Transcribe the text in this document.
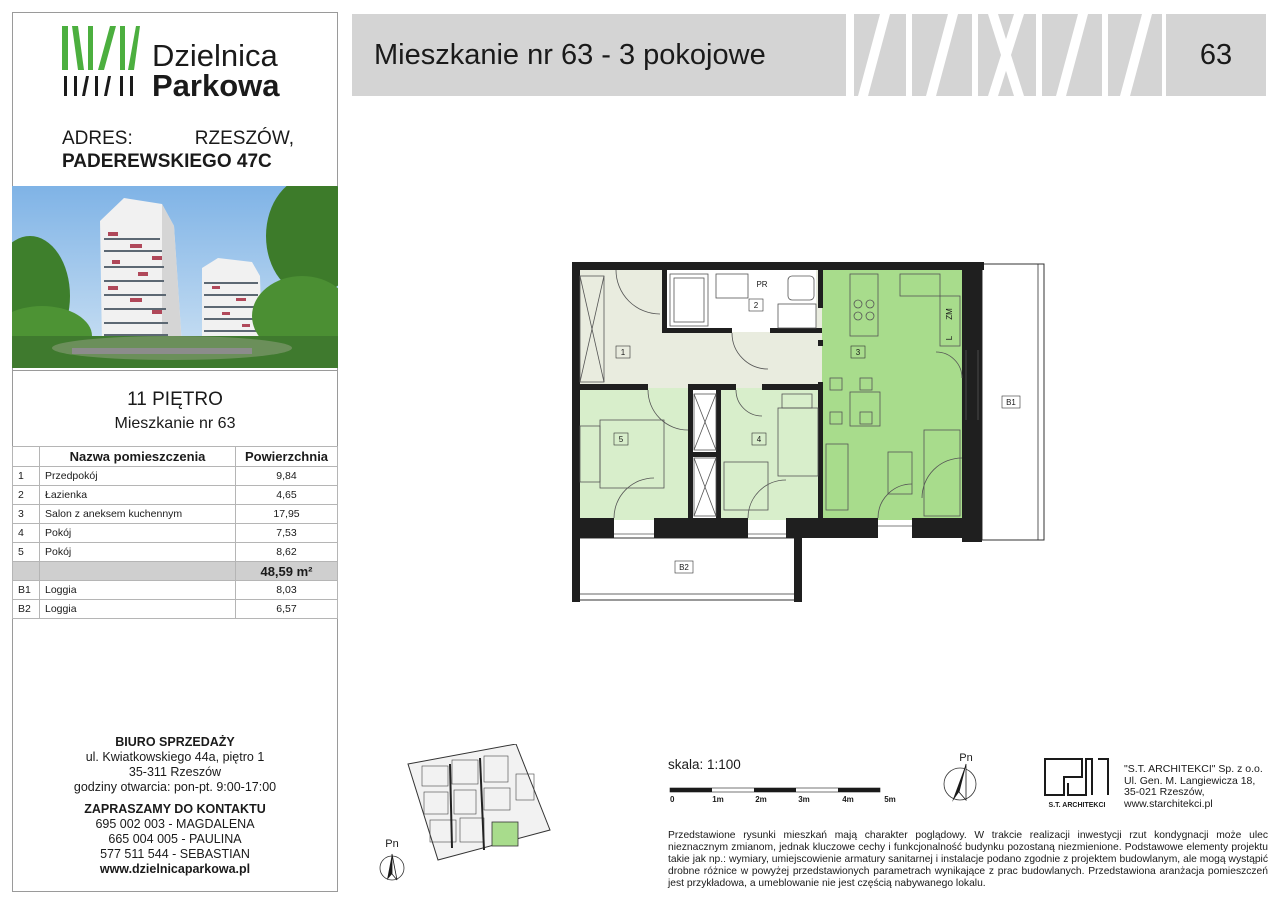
Dzielnica
Parkowa
ADRES:	RZESZÓW,
PADEREWSKIEGO 47C
11 PIĘTRO
Mieszkanie nr 63
	Nazwa pomieszczenia	Powierzchnia
1	Przedpokój	9,84
2	Łazienka	4,65
3	Salon z aneksem kuchennym	17,95
4	Pokój	7,53
5	Pokój	8,62
		48,59 m²
B1	Loggia	8,03
B2	Loggia	6,57
BIURO SPRZEDAŻY
ul. Kwiatkowskiego 44a, piętro 1
35-311 Rzeszów
godziny otwarcia: pon-pt. 9:00-17:00
ZAPRASZAMY DO KONTAKTU
695 002 003 - MAGDALENA
665 004 005 - PAULINA
577 511 544 - SEBASTIAN
www.dzielnicaparkowa.pl
Mieszkanie nr 63 - 3 pokojowe	63
1
2
PR
3
4
5
B1
B2
ZM
L
Pn
skala: 1:100
0	1m	2m	3m	4m	5m
Pn
S.T. ARCHITEKCI
"S.T. ARCHITEKCI" Sp. z o.o.
Ul. Gen. M. Langiewicza 18,
35-021 Rzeszów,
www.starchitekci.pl
Przedstawione rysunki mieszkań mają charakter poglądowy. W trakcie realizacji inwestycji rzut kondygnacji może ulec nieznacznym zmianom, jednak kluczowe cechy i funkcjonalność budynku pozostaną niezmienione. Podstawowe elementy projektu takie jak np.: wymiary, umiejscowienie armatury sanitarnej i instalacje podano zgodnie z projektem budowlanym, ale mogą wystąpić drobne różnice w powyżej przedstawionych parametrach wynikające z prac budowlanych. Przedstawiona aranżacja pomieszczeń jest przykładowa, a umeblowanie nie jest częścią nabywanego lokalu.
